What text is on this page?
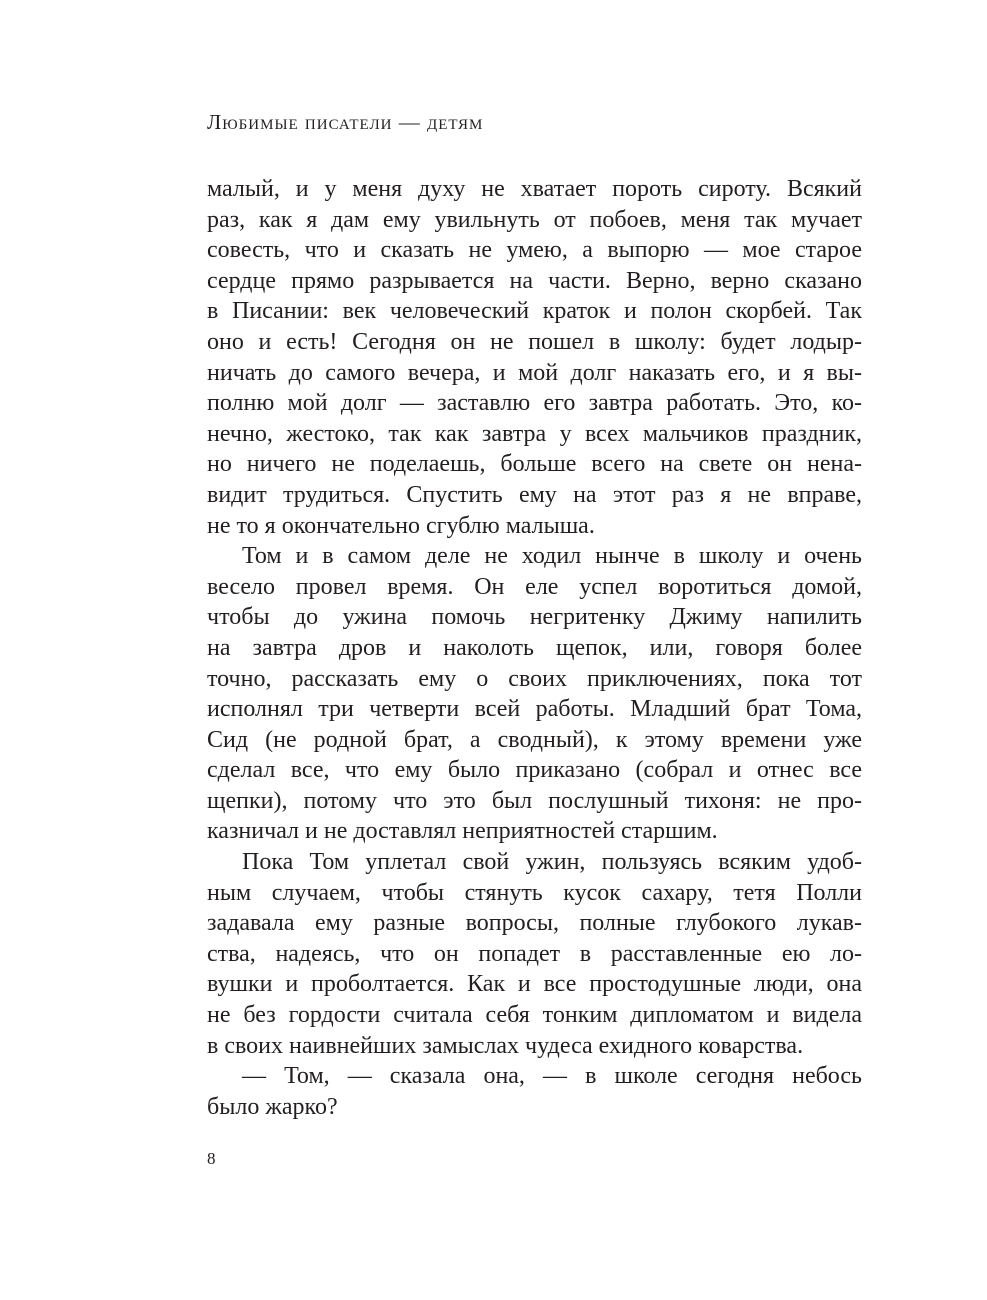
Любимые писатели — детям
малый, и у меня духу не хватает пороть сироту. Всякий
раз, как я дам ему увильнуть от побоев, меня так мучает
совесть, что и сказать не умею, а выпорю — мое старое
сердце прямо разрывается на части. Верно, верно сказано
в Писании: век человеческий краток и полон скорбей. Так
оно и есть! Сегодня он не пошел в школу: будет лодыр-
ничать до самого вечера, и мой долг наказать его, и я вы-
полню мой долг — заставлю его завтра работать. Это, ко-
нечно, жестоко, так как завтра у всех мальчиков праздник,
но ничего не поделаешь, больше всего на свете он нена-
видит трудиться. Спустить ему на этот раз я не вправе,
не то я окончательно сгублю малыша.
Том и в самом деле не ходил нынче в школу и очень
весело провел время. Он еле успел воротиться домой,
чтобы до ужина помочь негритенку Джиму напилить
на завтра дров и наколоть щепок, или, говоря более
точно, рассказать ему о своих приключениях, пока тот
исполнял три четверти всей работы. Младший брат Тома,
Сид (не родной брат, а сводный), к этому времени уже
сделал все, что ему было приказано (собрал и отнес все
щепки), потому что это был послушный тихоня: не про-
казничал и не доставлял неприятностей старшим.
Пока Том уплетал свой ужин, пользуясь всяким удоб-
ным случаем, чтобы стянуть кусок сахару, тетя Полли
задавала ему разные вопросы, полные глубокого лукав-
ства, надеясь, что он попадет в расставленные ею ло-
вушки и проболтается. Как и все простодушные люди, она
не без гордости считала себя тонким дипломатом и видела
в своих наивнейших замыслах чудеса ехидного коварства.
— Том, — сказала она, — в школе сегодня небось
было жарко?
8
